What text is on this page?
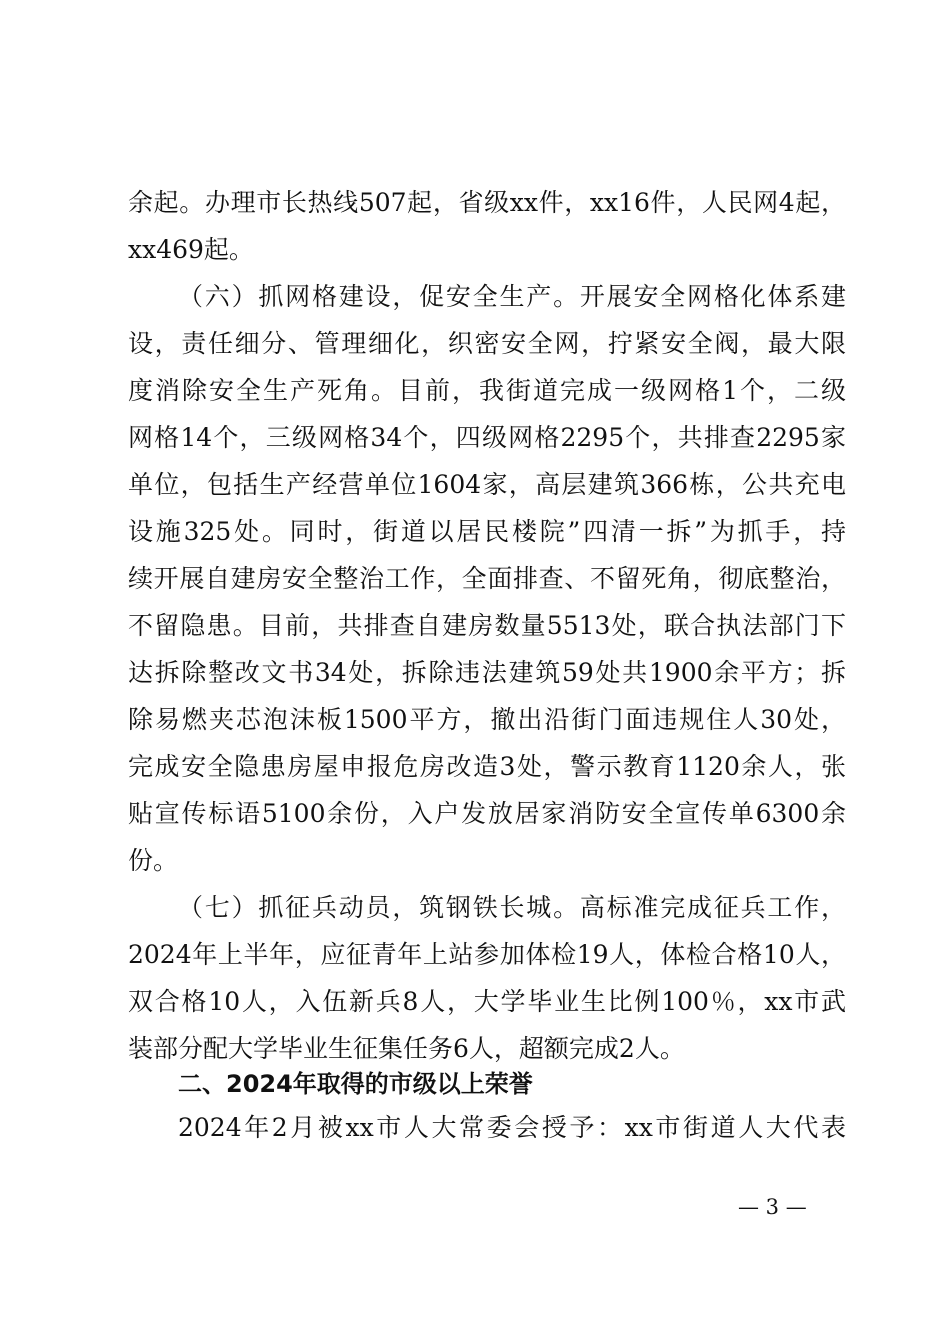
余起。办理市长热线507起，省级xx件，xx16件，人民网4起，
xx469起。
（六）抓网格建设，促安全生产。开展安全网格化体系建
设，责任细分、管理细化，织密安全网，拧紧安全阀，最大限
度消除安全生产死角。目前，我街道完成一级网格1个，二级
网格14个，三级网格34个，四级网格2295个，共排查2295家
单位，包括生产经营单位1604家，高层建筑366栋，公共充电
设施325处。同时，街道以居民楼院”四清一拆”为抓手，持
续开展自建房安全整治工作，全面排查、不留死角，彻底整治，
不留隐患。目前，共排查自建房数量5513处，联合执法部门下
达拆除整改文书34处，拆除违法建筑59处共1900余平方；拆
除易燃夹芯泡沫板1500平方，撤出沿街门面违规住人30处，
完成安全隐患房屋申报危房改造3处，警示教育1120余人，张
贴宣传标语5100余份，入户发放居家消防安全宣传单6300余
份。
（七）抓征兵动员，筑钢铁长城。高标准完成征兵工作，
2024年上半年，应征青年上站参加体检19人，体检合格10人，
双合格10人，入伍新兵8人，大学毕业生比例100％，xx市武
装部分配大学毕业生征集任务6人，超额完成2人。
二、2024年取得的市级以上荣誉
2024年2月被xx市人大常委会授予：xx市街道人大代表
— 3 —
